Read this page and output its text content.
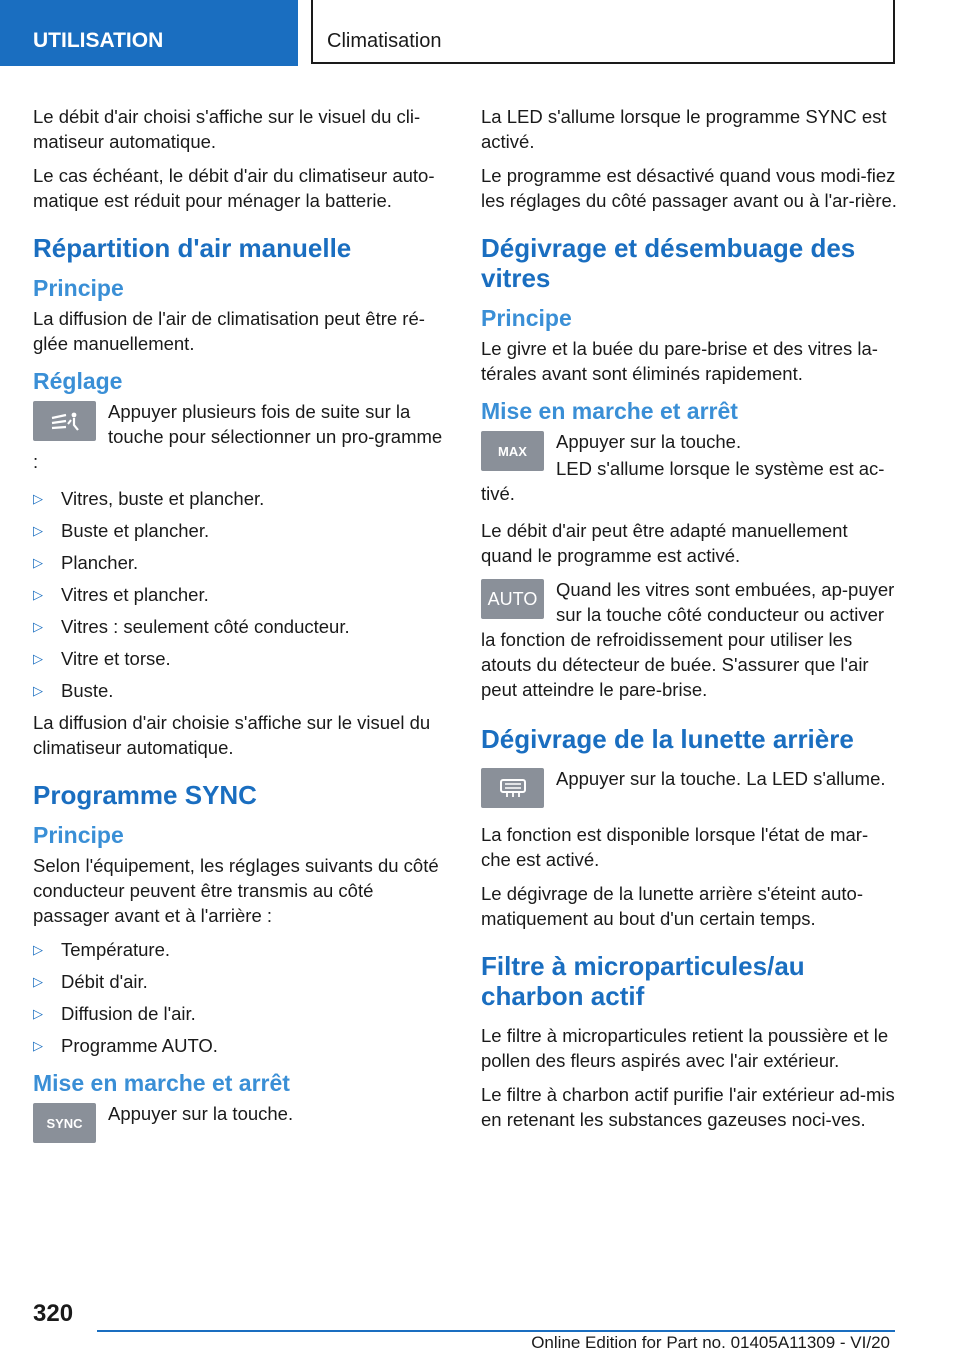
UTILISATION	Climatisation

Le débit d'air choisi s'affiche sur le visuel du cli-matiseur automatique.

Le cas échéant, le débit d'air du climatiseur auto-matique est réduit pour ménager la batterie.

Répartition d'air manuelle
Principe

La diffusion de l'air de climatisation peut être ré-glée manuellement.

Réglage

Appuyer plusieurs fois de suite sur la touche pour sélectionner un pro-gramme :

▷ Vitres, buste et plancher.
▷ Buste et plancher.
▷ Plancher.
▷ Vitres et plancher.
▷ Vitres : seulement côté conducteur.
▷ Vitre et torse.
▷ Buste.

La diffusion d'air choisie s'affiche sur le visuel du climatiseur automatique.

Programme SYNC
Principe

Selon l'équipement, les réglages suivants du côté conducteur peuvent être transmis au côté passager avant et à l'arrière :

▷ Température.
▷ Débit d'air.
▷ Diffusion de l'air.
▷ Programme AUTO.
Mise en marche et arrêt
SYNC	Appuyer sur la touche.

La LED s'allume lorsque le programme SYNC est activé.

Le programme est désactivé quand vous modi-fiez les réglages du côté passager avant ou à l'ar-rière.

Dégivrage et désembuage des vitres
Principe

Le givre et la buée du pare-brise et des vitres la-térales avant sont éliminés rapidement.

Mise en marche et arrêt
MAX	Appuyer sur la touche.

LED s'allume lorsque le système est ac-tivé.

Le débit d'air peut être adapté manuellement quand le programme est activé.

AUTO	Quand les vitres sont embuées, ap-puyer sur la touche côté conducteur ou activer la fonction de refroidissement pour utiliser les atouts du détecteur de buée. S'assurer que l'air peut atteindre le pare-brise.

Dégivrage de la lunette arrière

Appuyer sur la touche. La LED s'allume.

La fonction est disponible lorsque l'état de mar-che est activé.

Le dégivrage de la lunette arrière s'éteint auto-matiquement au bout d'un certain temps.

Filtre à microparticules/au charbon actif

Le filtre à microparticules retient la poussière et le pollen des fleurs aspirés avec l'air extérieur.

Le filtre à charbon actif purifie l'air extérieur ad-mis en retenant les substances gazeuses noci-ves.

320
Online Edition for Part no. 01405A11309 - VI/20
